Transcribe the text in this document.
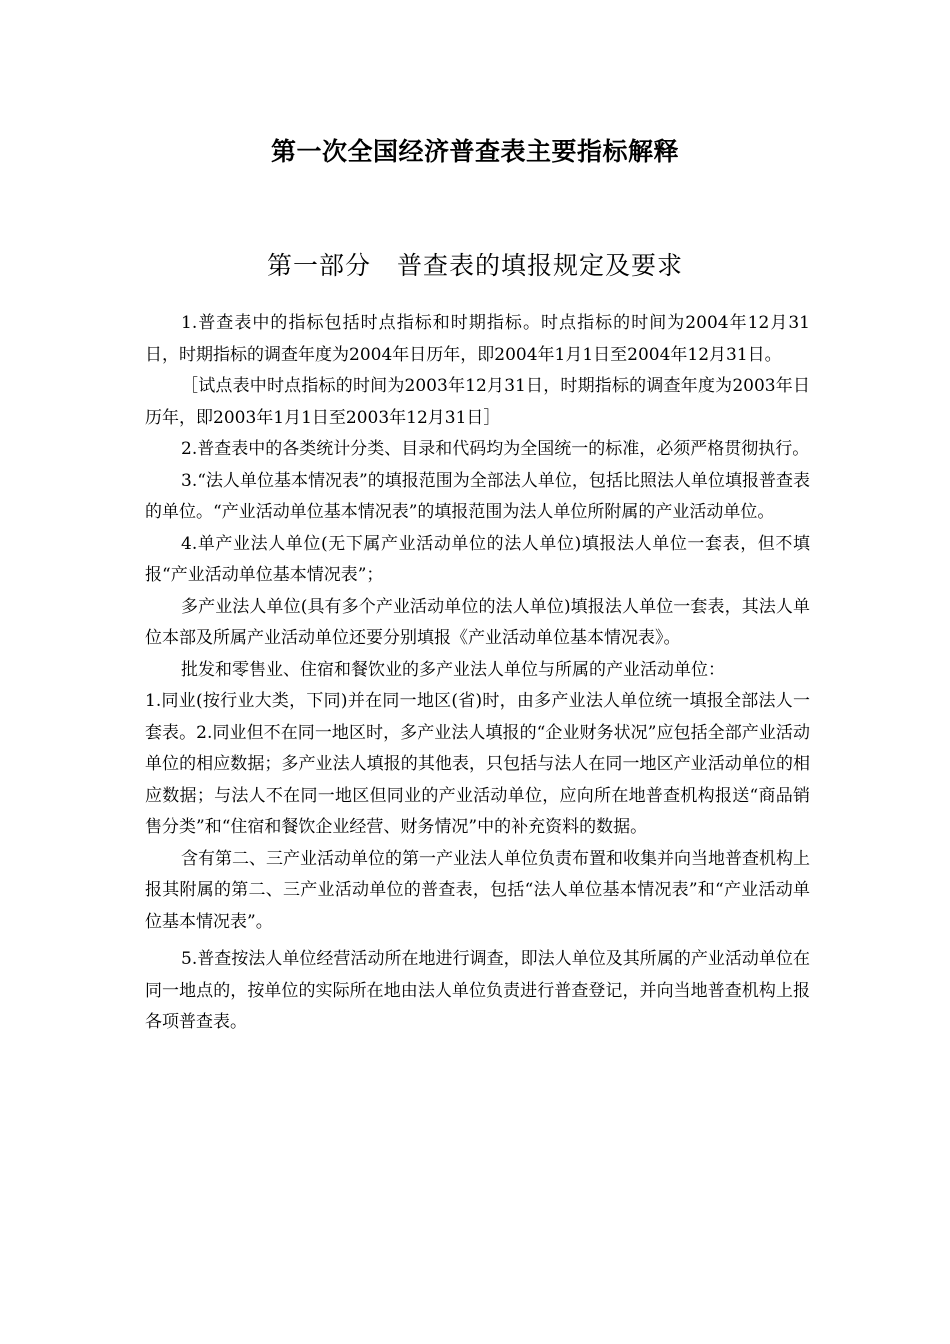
第一次全国经济普查表主要指标解释
第一部分 普查表的填报规定及要求

1.普查表中的指标包括时点指标和时期指标。时点指标的时间为2004年12月31日，时期指标的调查年度为2004年日历年，即2004年1月1日至2004年12月31日。

［试点表中时点指标的时间为2003年12月31日，时期指标的调查年度为2003年日历年，即2003年1月1日至2003年12月31日］

2.普查表中的各类统计分类、目录和代码均为全国统一的标准，必须严格贯彻执行。

3.“法人单位基本情况表”的填报范围为全部法人单位，包括比照法人单位填报普查表的单位。“产业活动单位基本情况表”的填报范围为法人单位所附属的产业活动单位。

4.单产业法人单位(无下属产业活动单位的法人单位)填报法人单位一套表，但不填报“产业活动单位基本情况表”；

多产业法人单位(具有多个产业活动单位的法人单位)填报法人单位一套表，其法人单位本部及所属产业活动单位还要分别填报《产业活动单位基本情况表》。

批发和零售业、住宿和餐饮业的多产业法人单位与所属的产业活动单位：

1.同业(按行业大类，下同)并在同一地区(省)时，由多产业法人单位统一填报全部法人一套表。2.同业但不在同一地区时，多产业法人填报的“企业财务状况”应包括全部产业活动单位的相应数据；多产业法人填报的其他表，只包括与法人在同一地区产业活动单位的相应数据；与法人不在同一地区但同业的产业活动单位，应向所在地普查机构报送“商品销售分类”和“住宿和餐饮企业经营、财务情况”中的补充资料的数据。

含有第二、三产业活动单位的第一产业法人单位负责布置和收集并向当地普查机构上报其附属的第二、三产业活动单位的普查表，包括“法人单位基本情况表”和“产业活动单位基本情况表”。

5.普查按法人单位经营活动所在地进行调查，即法人单位及其所属的产业活动单位在同一地点的，按单位的实际所在地由法人单位负责进行普查登记，并向当地普查机构上报各项普查表。
